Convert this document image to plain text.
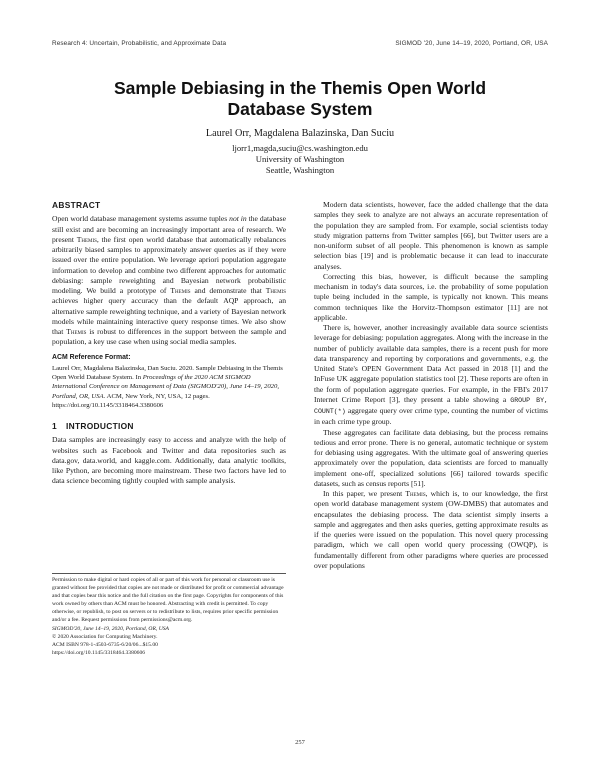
Research 4: Uncertain, Probabilistic, and Approximate Data	SIGMOD '20, June 14–19, 2020, Portland, OR, USA
Sample Debiasing in the Themis Open World
Database System
Laurel Orr, Magdalena Balazinska, Dan Suciu
ljorr1,magda,suciu@cs.washington.edu
University of Washington
Seattle, Washington
ABSTRACT

Open world database management systems assume tuples not in the database still exist and are becoming an increasingly important area of research. We present Themis, the first open world database that automatically rebalances arbitrarily biased samples to approximately answer queries as if they were issued over the entire population. We leverage apriori population aggregate information to develop and combine two different approaches for automatic debiasing: sample reweighting and Bayesian network probabilistic modeling. We build a prototype of Themis and demonstrate that Themis achieves higher query accuracy than the default AQP approach, an alternative sample reweighting technique, and a variety of Bayesian network models while maintaining interactive query response times. We also show that Themis is robust to differences in the support between the sample and population, a key use case when using social media samples.

ACM Reference Format:
Laurel Orr, Magdalena Balazinska, Dan Suciu. 2020. Sample Debiasing in the Themis Open World Database System. In Proceedings of the 2020 ACM SIGMOD International Conference on Management of Data (SIGMOD'20), June 14–19, 2020, Portland, OR, USA. ACM, New York, NY, USA, 12 pages. https://doi.org/10.1145/3318464.3380606
1 INTRODUCTION

Data samples are increasingly easy to access and analyze with the help of websites such as Facebook and Twitter and data repositories such as data.gov, data.world, and kaggle.com. Additionally, data analytic toolkits, like Python, are becoming more mainstream. These two factors have led to data science becoming tightly coupled with sample analysis.

Permission to make digital or hard copies of all or part of this work for personal or classroom use is granted without fee provided that copies are not made or distributed for profit or commercial advantage and that copies bear this notice and the full citation on the first page. Copyrights for components of this work owned by others than ACM must be honored. Abstracting with credit is permitted. To copy otherwise, or republish, to post on servers or to redistribute to lists, requires prior specific permission and/or a fee. Request permissions from permissions@acm.org.

SIGMOD'20, June 14–19, 2020, Portland, OR, USA

© 2020 Association for Computing Machinery.

ACM ISBN 978-1-4503-6735-6/20/06...$15.00

https://doi.org/10.1145/3318464.3380606

Modern data scientists, however, face the added challenge that the data samples they seek to analyze are not always an accurate representation of the population they are sampled from. For example, social scientists today study migration patterns from Twitter samples [66], but Twitter users are a non-uniform subset of all people. This phenomenon is known as sample selection bias [19] and is problematic because it can lead to inaccurate analyses.

Correcting this bias, however, is difficult because the sampling mechanism in today's data sources, i.e. the probability of some population tuple being included in the sample, is typically not known. This means common techniques like the Horvitz-Thompson estimator [11] are not applicable.

There is, however, another increasingly available data source scientists leverage for debiasing: population aggregates. Along with the increase in the number of publicly available data samples, there is a recent push for more data transparency and reporting by corporations and governments, e.g. the United State's OPEN Government Data Act passed in 2018 [1] and the InFuse UK aggregate population statistics tool [2]. These reports are often in the form of population aggregate queries. For example, in the FBI's 2017 Internet Crime Report [3], they present a table showing a GROUP BY, COUNT(*) aggregate query over crime type, counting the number of victims in each crime type group.

These aggregates can facilitate data debiasing, but the process remains tedious and error prone. There is no general, automatic technique or system for debiasing using aggregates. With the ultimate goal of answering queries approximately over the population, data scientists are forced to manually implement one-off, specialized solutions [66] tailored towards specific datasets, such as census reports [51].

In this paper, we present Themis, which is, to our knowledge, the first open world database management system (OW-DMBS) that automates and encapsulates the debiasing process. The data scientist simply inserts a sample and aggregates and then asks queries, getting approximate results as if the queries were issued on the population. This novel query processing paradigm, which we call open world query processing (OWQP), is fundamentally different from other paradigms where queries are processed over populations

257
